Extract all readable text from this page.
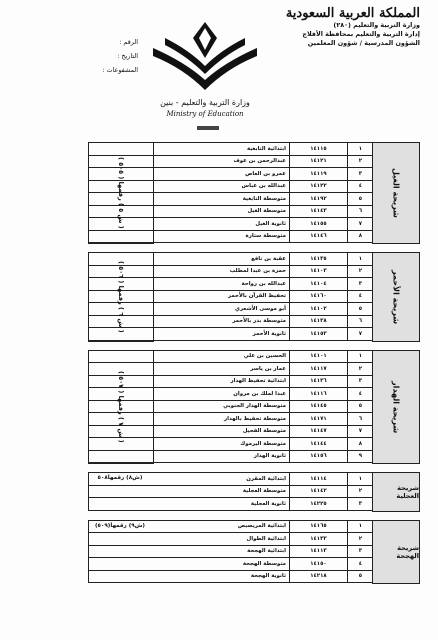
المملكة العربية السعودية
وزارة التربية والتعليم (٢٨٠)
إدارة التربية والتعليم بمحافظة الأفلاج
الشؤون المدرسية / شؤون المعلمين
الرقم :
التاريخ :
المشفوعات :
وزارة التربية والتعليم - بنين
Ministry of Education
١	١٤١١٥	ابتدائية النابغية
٢	١٤١٢١	عبدالرحمن بن عوف
٣	١٤١١٩	عمرو بن العاص
٤	١٤١٢٢	عبدالله بن عباس
٥	١٤١٩٢	متوسطة النابغية
٦	١٤١٤٣	متوسطة الغيل
٧	١٤١٥٥	ثانوية الغيل
٨	١٤١٤٦	متوسطة ستارة

١	١٤١٣٥	عقبة بن نافع
٢	١٤١٠٣	حمزة بن عبدا لمطلب
٣	١٤١٠٤	عبدالله بن رواحة
٤	١٤١٦٠	تحفيظ القرآن بالأحمر
٥	١٤١٠٢	أبو موسى الأشعري
٦	١٤١٣٨	متوسطة بدر بالأحمر
٧	١٤١٥٣	ثانوية الأحمر

١	١٤١٠١	الحسين بن علي
٢	١٤١١٧	عمار بن ياسر
٣	١٤١٣٦	ابتدائية تحفيظ الهدار
٤	١٤١١٦	عبدا لملك بن مروان
٥	١٤١٤٥	متوسطة الهدار الجنوبي
٦	١٤١٧١	متوسطة تحفيظ بالهدار
٧	١٤١٤٧	متوسطة الفحيل
٨	١٤١٤٤	متوسطة اليرموك
٩	١٤١٥٦	ثانوية الهدار

١	١٤١١٤	ابتدائية المقرن
٢	١٤١٤٢	متوسطة العجلية
٣	١٤٢٢٥	ثانوية العجلية

١	١٤١٦٥	ابتدائية المريصيص
٢	١٤١٣٣	ابتدائية الطوال
٣	١٤١١٣	ابتدائية الهجحة
٤	١٤١٥٠	متوسطة الهجحة
٥	١٤٢١٨	ثانوية الهجحة
شريحة الغيل
( ش ٥ ) رقمها ( ٥٠٥ )
شريحة الأحمر
( ش ٦ ) رقمها ( ٥٠٦ )
شريحة الهدار
( ش ٧ ) رقمها ( ٥٠٧ )
شريحة العجلية
(ش٨) رقمها٥٠٨
شريحة الهجحة
(ش٩) رقمها(٥٠٩)
